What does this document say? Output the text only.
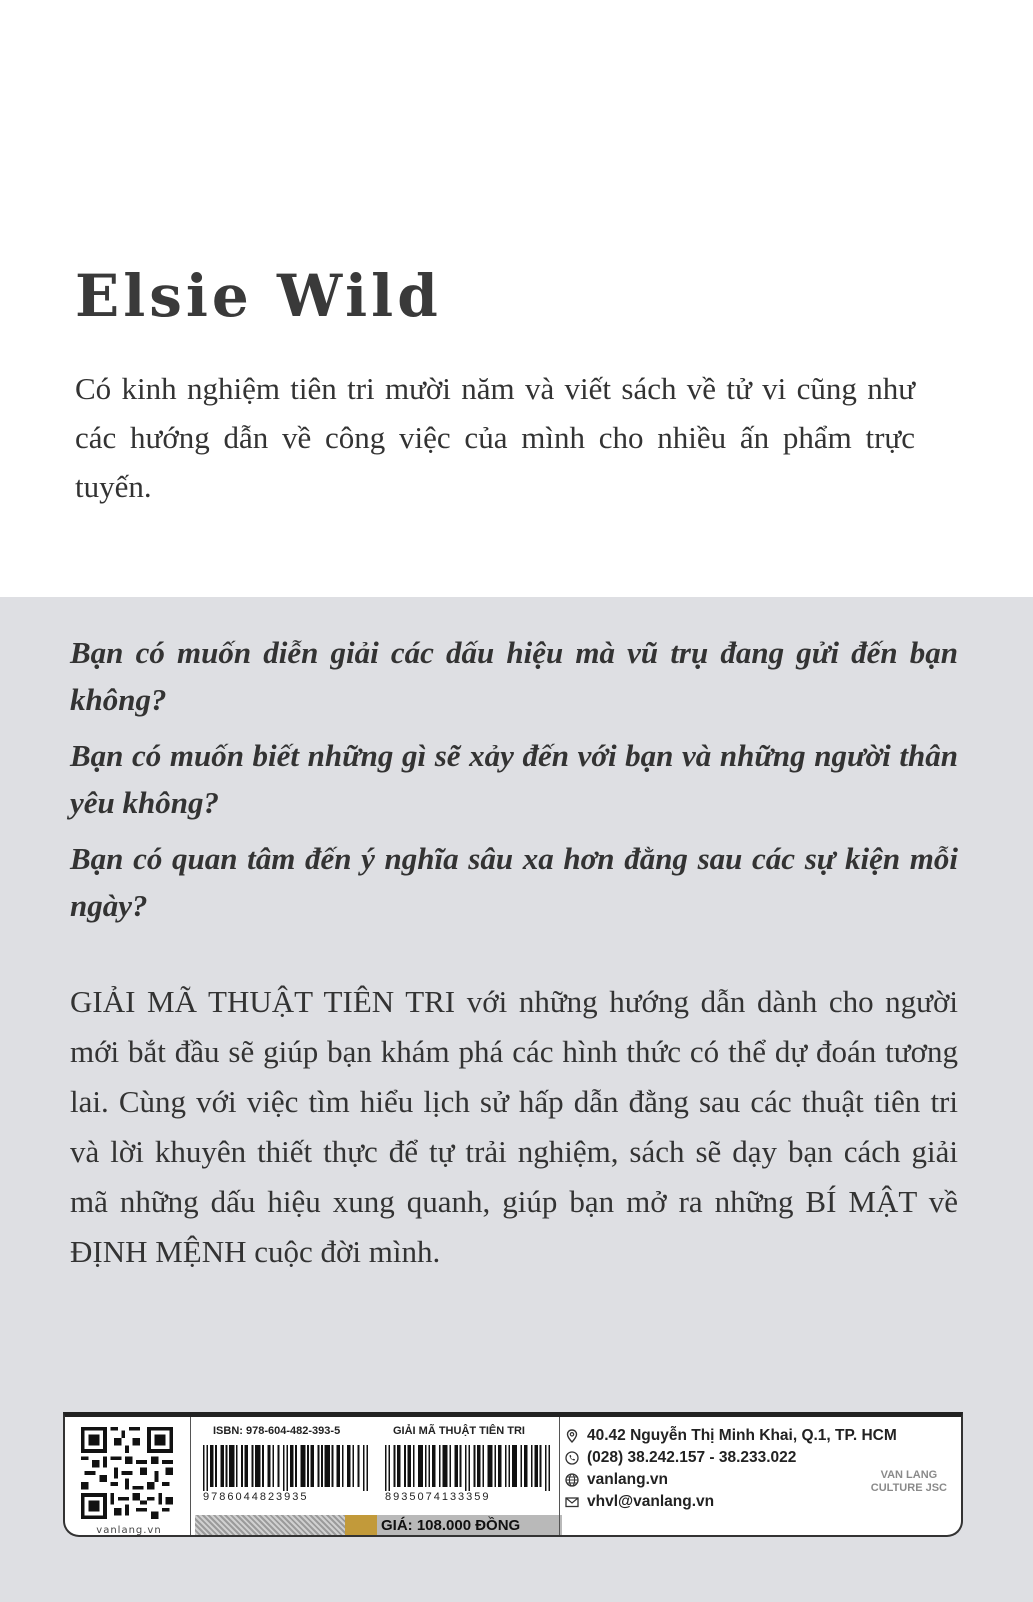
Elsie Wild

Có kinh nghiệm tiên tri mười năm và viết sách về tử vi cũng như các hướng dẫn về công việc của mình cho nhiều ấn phẩm trực tuyến.

Bạn có muốn diễn giải các dấu hiệu mà vũ trụ đang gửi đến bạn không?

Bạn có muốn biết những gì sẽ xảy đến với bạn và những người thân yêu không?

Bạn có quan tâm đến ý nghĩa sâu xa hơn đằng sau các sự kiện mỗi ngày?

GIẢI MÃ THUẬT TIÊN TRI với những hướng dẫn dành cho người mới bắt đầu sẽ giúp bạn khám phá các hình thức có thể dự đoán tương lai. Cùng với việc tìm hiểu lịch sử hấp dẫn đằng sau các thuật tiên tri và lời khuyên thiết thực để tự trải nghiệm, sách sẽ dạy bạn cách giải mã những dấu hiệu xung quanh, giúp bạn mở ra những BÍ MẬT về ĐỊNH MỆNH cuộc đời mình.

vanlang.vn
ISBN: 978-604-482-393-5	GIẢI MÃ THUẬT TIÊN TRI
9786044823935	8935074133359
GIÁ: 108.000 ĐỒNG
40.42 Nguyễn Thị Minh Khai, Q.1, TP. HCM
(028) 38.242.157 - 38.233.022
vanlang.vn
vhvl@vanlang.vn
VAN LANG
CULTURE JSC
